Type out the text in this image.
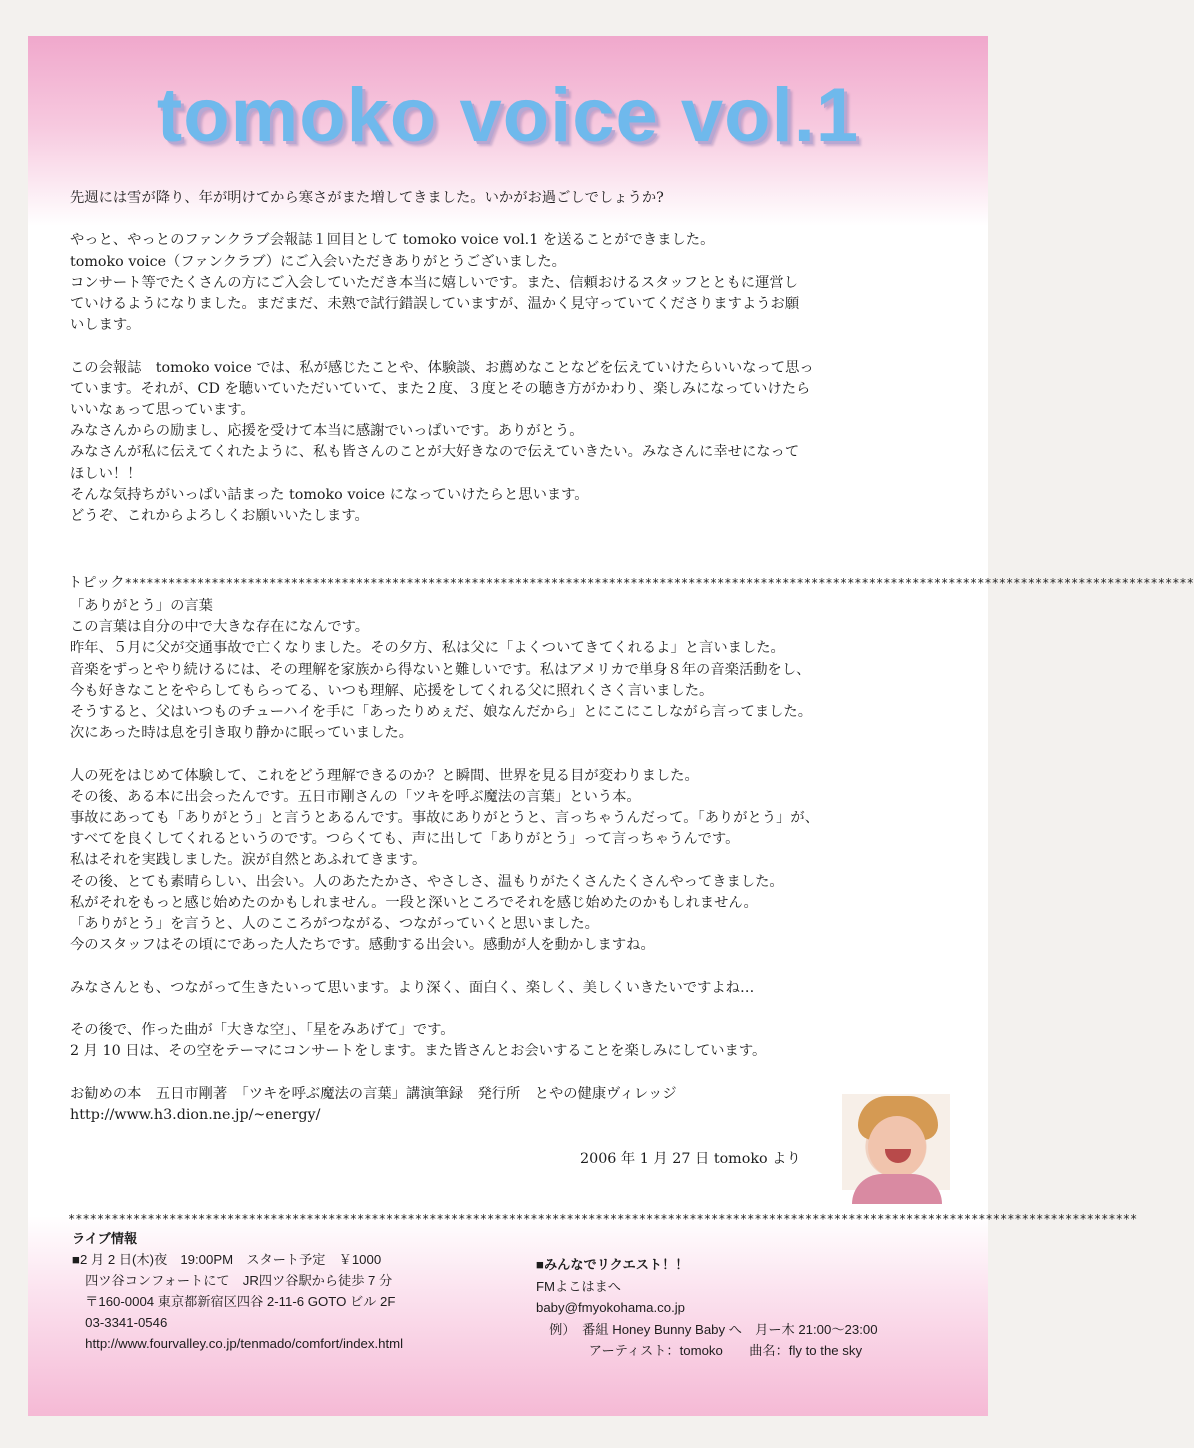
tomoko voice vol.1

先週には雪が降り、年が明けてから寒さがまた増してきました。いかがお過ごしでしょうか?

やっと、やっとのファンクラブ会報誌１回目として tomoko voice vol.1 を送ることができました。

tomoko voice（ファンクラブ）にご入会いただきありがとうございました。

コンサート等でたくさんの方にご入会していただき本当に嬉しいです。また、信頼おけるスタッフとともに運営し

ていけるようになりました。まだまだ、未熟で試行錯誤していますが、温かく見守っていてくださりますようお願

いします。

この会報誌　tomoko voice では、私が感じたことや、体験談、お薦めなことなどを伝えていけたらいいなって思っ

ています。それが、CD を聴いていただいていて、また２度、３度とその聴き方がかわり、楽しみになっていけたら

いいなぁって思っています。

みなさんからの励まし、応援を受けて本当に感謝でいっぱいです。ありがとう。

みなさんが私に伝えてくれたように、私も皆さんのことが大好きなので伝えていきたい。みなさんに幸せになって

ほしい！！

そんな気持ちがいっぱい詰まった tomoko voice になっていけたらと思います。

どうぞ、これからよろしくお願いいたします。

トピック****************************************************************************************************************************************************

「ありがとう」の言葉

この言葉は自分の中で大きな存在になんです。

昨年、５月に父が交通事故で亡くなりました。その夕方、私は父に「よくついてきてくれるよ」と言いました。

音楽をずっとやり続けるには、その理解を家族から得ないと難しいです。私はアメリカで単身８年の音楽活動をし、

今も好きなことをやらしてもらってる、いつも理解、応援をしてくれる父に照れくさく言いました。

そうすると、父はいつものチューハイを手に「あったりめぇだ、娘なんだから」とにこにこしながら言ってました。

次にあった時は息を引き取り静かに眠っていました。

人の死をはじめて体験して、これをどう理解できるのか？と瞬間、世界を見る目が変わりました。

その後、ある本に出会ったんです。五日市剛さんの「ツキを呼ぶ魔法の言葉」という本。

事故にあっても「ありがとう」と言うとあるんです。事故にありがとうと、言っちゃうんだって。「ありがとう」が、

すべてを良くしてくれるというのです。つらくても、声に出して「ありがとう」って言っちゃうんです。

私はそれを実践しました。涙が自然とあふれてきます。

その後、とても素晴らしい、出会い。人のあたたかさ、やさしさ、温もりがたくさんたくさんやってきました。

私がそれをもっと感じ始めたのかもしれません。一段と深いところでそれを感じ始めたのかもしれません。

「ありがとう」を言うと、人のこころがつながる、つながっていくと思いました。

今のスタッフはその頃にであった人たちです。感動する出会い。感動が人を動かしますね。

みなさんとも、つながって生きたいって思います。より深く、面白く、楽しく、美しくいきたいですよね…

その後で、作った曲が「大きな空」、「星をみあげて」です。

2 月 10 日は、その空をテーマにコンサートをします。また皆さんとお会いすることを楽しみにしています。

お勧めの本　五日市剛著　「ツキを呼ぶ魔法の言葉」講演筆録　発行所　とやの健康ヴィレッジ

http://www.h3.dion.ne.jp/~energy/

2006 年 1 月 27 日 tomoko より
****************************************************************************************************************************************************

ライブ情報

■2 月 2 日(木)夜　19:00PM　スタート予定　￥1000

　四ツ谷コンフォートにて　JR四ツ谷駅から徒歩 7 分

　〒160-0004 東京都新宿区四谷 2-11-6 GOTO ビル 2F

　03-3341-0546

　http://www.fourvalley.co.jp/tenmado/comfort/index.html

■みんなでリクエスト！！

FMよこはまへ

baby@fmyokohama.co.jp

　例）　番組 Honey Bunny Baby へ　月ー木 21:00〜23:00

　　　　アーティスト：tomoko　　曲名：fly to the sky
